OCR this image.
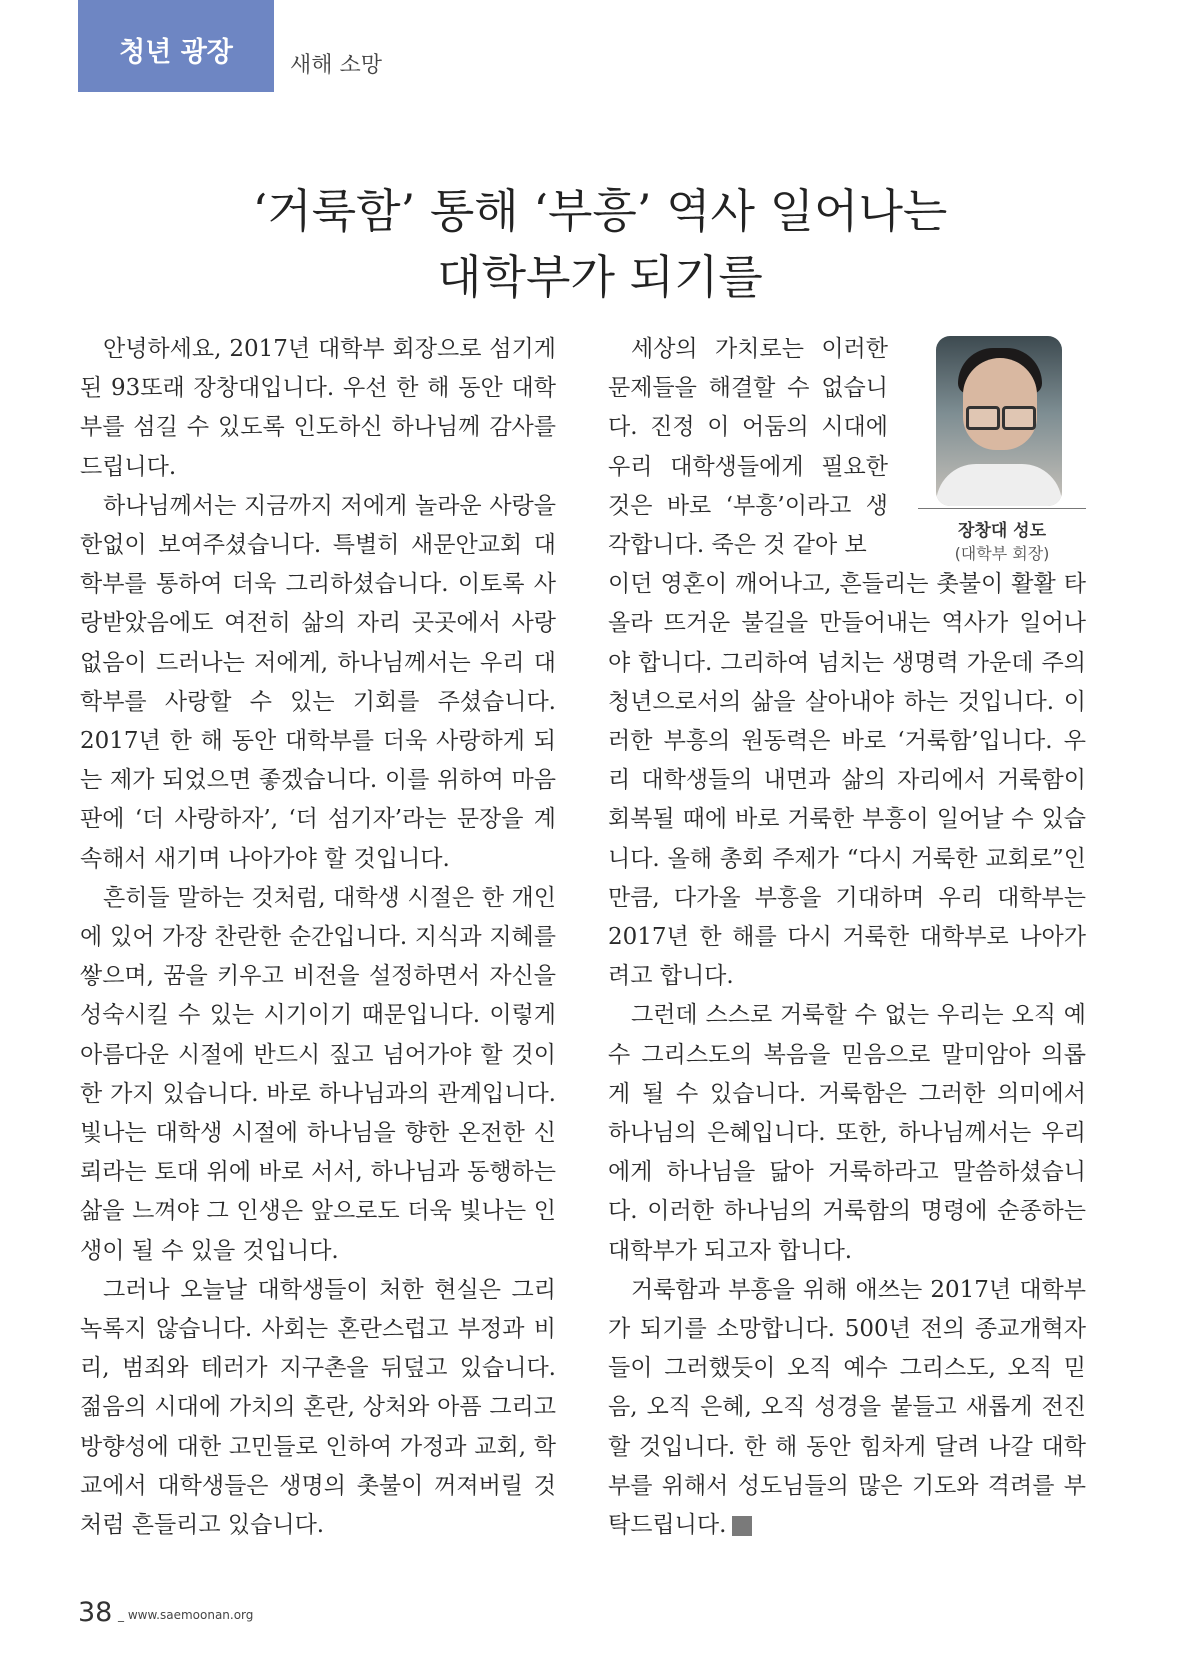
청년 광장	새해 소망
‘거룩함’ 통해 ‘부흥’ 역사 일어나는
대학부가 되기를

안녕하세요, 2017년 대학부 회장으로 섬기게 된 93또래 장창대입니다. 우선 한 해 동안 대학부를 섬길 수 있도록 인도하신 하나님께 감사를 드립니다.

하나님께서는 지금까지 저에게 놀라운 사랑을 한없이 보여주셨습니다. 특별히 새문안교회 대학부를 통하여 더욱 그리하셨습니다. 이토록 사랑받았음에도 여전히 삶의 자리 곳곳에서 사랑 없음이 드러나는 저에게, 하나님께서는 우리 대학부를 사랑할 수 있는 기회를 주셨습니다. 2017년 한 해 동안 대학부를 더욱 사랑하게 되는 제가 되었으면 좋겠습니다. 이를 위하여 마음판에 ‘더 사랑하자’, ‘더 섬기자’라는 문장을 계속해서 새기며 나아가야 할 것입니다.

흔히들 말하는 것처럼, 대학생 시절은 한 개인에 있어 가장 찬란한 순간입니다. 지식과 지혜를 쌓으며, 꿈을 키우고 비전을 설정하면서 자신을 성숙시킬 수 있는 시기이기 때문입니다. 이렇게 아름다운 시절에 반드시 짚고 넘어가야 할 것이 한 가지 있습니다. 바로 하나님과의 관계입니다. 빛나는 대학생 시절에 하나님을 향한 온전한 신뢰라는 토대 위에 바로 서서, 하나님과 동행하는 삶을 느껴야 그 인생은 앞으로도 더욱 빛나는 인생이 될 수 있을 것입니다.

그러나 오늘날 대학생들이 처한 현실은 그리 녹록지 않습니다. 사회는 혼란스럽고 부정과 비리, 범죄와 테러가 지구촌을 뒤덮고 있습니다. 젊음의 시대에 가치의 혼란, 상처와 아픔 그리고 방향성에 대한 고민들로 인하여 가정과 교회, 학교에서 대학생들은 생명의 촛불이 꺼져버릴 것처럼 흔들리고 있습니다.

세상의 가치로는 이러한 문제들을 해결할 수 없습니다. 진정 이 어둠의 시대에 우리 대학생들에게 필요한 것은 바로 ‘부흥’이라고 생각합니다. 죽은 것 같아 보

이던 영혼이 깨어나고, 흔들리는 촛불이 활활 타올라 뜨거운 불길을 만들어내는 역사가 일어나야 합니다. 그리하여 넘치는 생명력 가운데 주의 청년으로서의 삶을 살아내야 하는 것입니다. 이러한 부흥의 원동력은 바로 ‘거룩함’입니다. 우리 대학생들의 내면과 삶의 자리에서 거룩함이 회복될 때에 바로 거룩한 부흥이 일어날 수 있습니다. 올해 총회 주제가 “다시 거룩한 교회로”인 만큼, 다가올 부흥을 기대하며 우리 대학부는 2017년 한 해를 다시 거룩한 대학부로 나아가려고 합니다.

그런데 스스로 거룩할 수 없는 우리는 오직 예수 그리스도의 복음을 믿음으로 말미암아 의롭게 될 수 있습니다. 거룩함은 그러한 의미에서 하나님의 은혜입니다. 또한, 하나님께서는 우리에게 하나님을 닮아 거룩하라고 말씀하셨습니다. 이러한 하나님의 거룩함의 명령에 순종하는 대학부가 되고자 합니다.

거룩함과 부흥을 위해 애쓰는 2017년 대학부가 되기를 소망합니다. 500년 전의 종교개혁자들이 그러했듯이 오직 예수 그리스도, 오직 믿음, 오직 은혜, 오직 성경을 붙들고 새롭게 전진할 것입니다. 한 해 동안 힘차게 달려 나갈 대학부를 위해서 성도님들의 많은 기도와 격려를 부탁드립니다. 새

장창대 성도
(대학부 회장)
38 _ www.saemoonan.org
